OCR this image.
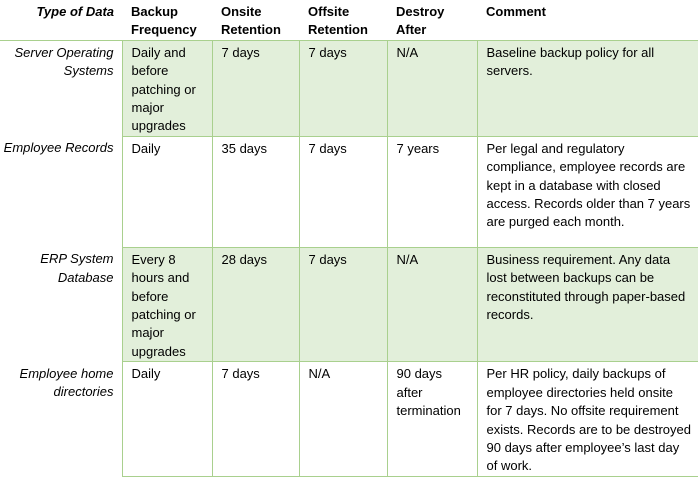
Type of Data	Backup Frequency	Onsite Retention	Offsite Retention	Destroy After	Comment
Server Operating Systems	Daily and before patching or major upgrades	7 days	7 days	N/A	Baseline backup policy for all servers.
Employee Records	Daily	35 days	7 days	7 years	Per legal and regulatory compliance, employee records are kept in a database with closed access. Records older than 7 years are purged each month.
ERP System Database	Every 8 hours and before patching or major upgrades	28 days	7 days	N/A	Business requirement. Any data lost between backups can be reconstituted through paper-based records.
Employee home directories	Daily	7 days	N/A	90 days after termination	Per HR policy, daily backups of employee directories held onsite for 7 days. No offsite requirement exists. Records are to be destroyed 90 days after employee’s last day of work.
